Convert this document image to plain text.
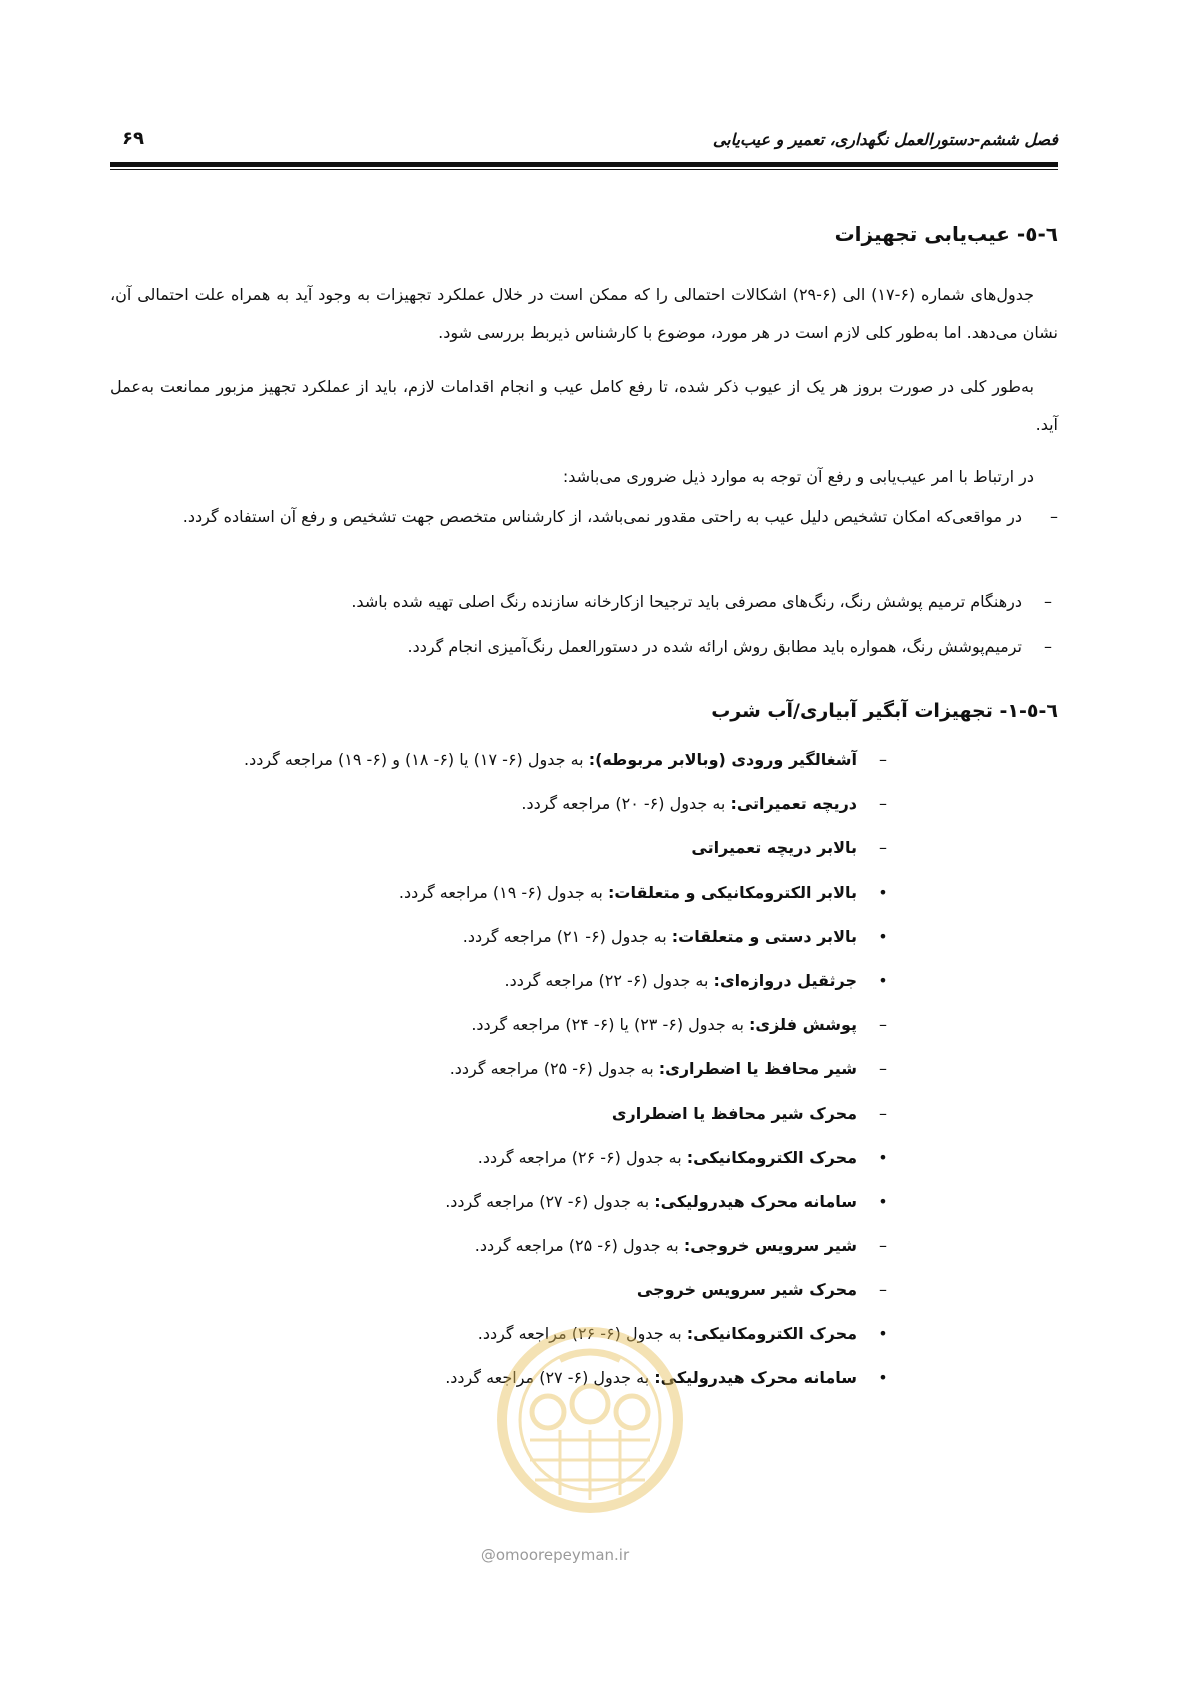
فصل ششم-دستورالعمل نگهداری، تعمیر و عیب‌یابی
۶۹
٦-٥- عیب‌یابی تجهیزات
جدول‌های شماره (۶-۱۷) الی (۶-۲۹) اشکالات احتمالی را که ممکن است در خلال عملکرد تجهیزات به وجود آید به همراه علت احتمالی آن، نشان می‌دهد. اما به‌طور کلی لازم است در هر مورد، موضوع با کارشناس ذیربط بررسی شود.
به‌طور کلی در صورت بروز هر یک از عیوب ذکر شده، تا رفع کامل عیب و انجام اقدامات لازم، باید از عملکرد تجهیز مزبور ممانعت به‌عمل آید.
در ارتباط با امر عیب‌یابی و رفع آن توجه به موارد ذیل ضروری می‌باشد:
–
در مواقعی‌که امکان تشخیص دلیل عیب به راحتی مقدور نمی‌باشد، از کارشناس متخصص جهت تشخیص و رفع آن استفاده گردد.
–
درهنگام ترمیم پوشش رنگ، رنگ‌های مصرفی باید ترجیحا ازکارخانه سازنده رنگ اصلی تهیه شده باشد.
–
ترمیم‌پوشش رنگ، همواره باید مطابق روش ارائه شده در دستورالعمل رنگ‌آمیزی انجام گردد.
٦-٥-١- تجهیزات آبگیر آبیاری/آب شرب
–آشغالگیر ورودی (وبالابر مربوطه): به جدول (۶- ۱۷) یا (۶- ۱۸) و (۶- ۱۹) مراجعه گردد.
–دریچه تعمیراتی: به جدول (۶- ۲۰) مراجعه گردد.
–بالابر دریچه تعمیراتی
•بالابر الکترومکانیکی و متعلقات: به جدول (۶- ۱۹) مراجعه گردد.
•بالابر دستی و متعلقات: به جدول (۶- ۲۱) مراجعه گردد.
•جرثقیل دروازه‌ای: به جدول (۶- ۲۲) مراجعه گردد.
–پوشش فلزی: به جدول (۶- ۲۳) یا (۶- ۲۴) مراجعه گردد.
–شیر محافظ یا اضطراری: به جدول (۶- ۲۵) مراجعه گردد.
–محرک شیر محافظ یا اضطراری
•محرک الکترومکانیکی: به جدول (۶- ۲۶) مراجعه گردد.
•سامانه محرک هیدرولیکی: به جدول (۶- ۲۷) مراجعه گردد.
–شیر سرویس خروجی: به جدول (۶- ۲۵) مراجعه گردد.
–محرک شیر سرویس خروجی
•محرک الکترومکانیکی: به جدول (۶- ۲۶) مراجعه گردد.
•سامانه محرک هیدرولیکی: به جدول (۶- ۲۷) مراجعه گردد.
@omoorepeyman.ir
